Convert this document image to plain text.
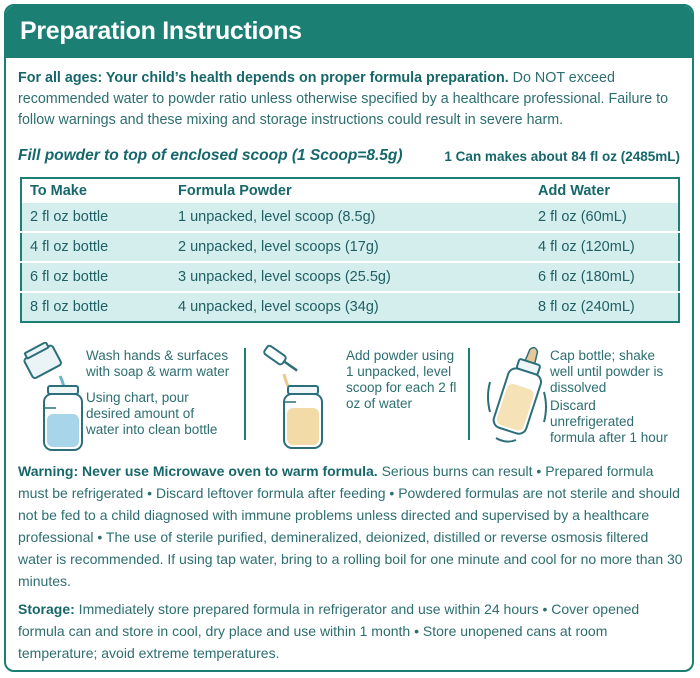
Preparation Instructions
For all ages: Your child’s health depends on proper formula preparation. Do NOT exceed recommended water to powder ratio unless otherwise specified by a healthcare professional. Failure to follow warnings and these mixing and storage instructions could result in severe harm.
Fill powder to top of enclosed scoop (1 Scoop=8.5g)	1 Can makes about 84 fl oz (2485mL)
To Make	Formula Powder	Add Water
2 fl oz bottle	1 unpacked, level scoop (8.5g)	2 fl oz (60mL)
4 fl oz bottle	2 unpacked, level scoops (17g)	4 fl oz (120mL)
6 fl oz bottle	3 unpacked, level scoops (25.5g)	6 fl oz (180mL)
8 fl oz bottle	4 unpacked, level scoops (34g)	8 fl oz (240mL)
Wash hands & surfaces with soap & warm water
Using chart, pour desired amount of water into clean bottle
Add powder using 1 unpacked, level scoop for each 2 fl oz of water
Cap bottle; shake well until powder is dissolved
Discard unrefrigerated formula after 1 hour
Warning: Never use Microwave oven to warm formula. Serious burns can result • Prepared formula must be refrigerated • Discard leftover formula after feeding • Powdered formulas are not sterile and should not be fed to a child diagnosed with immune problems unless directed and supervised by a healthcare professional • The use of sterile purified, demineralized, deionized, distilled or reverse osmosis filtered water is recommended. If using tap water, bring to a rolling boil for one minute and cool for no more than 30 minutes.
Storage: Immediately store prepared formula in refrigerator and use within 24 hours • Cover opened formula can and store in cool, dry place and use within 1 month • Store unopened cans at room temperature; avoid extreme temperatures.
